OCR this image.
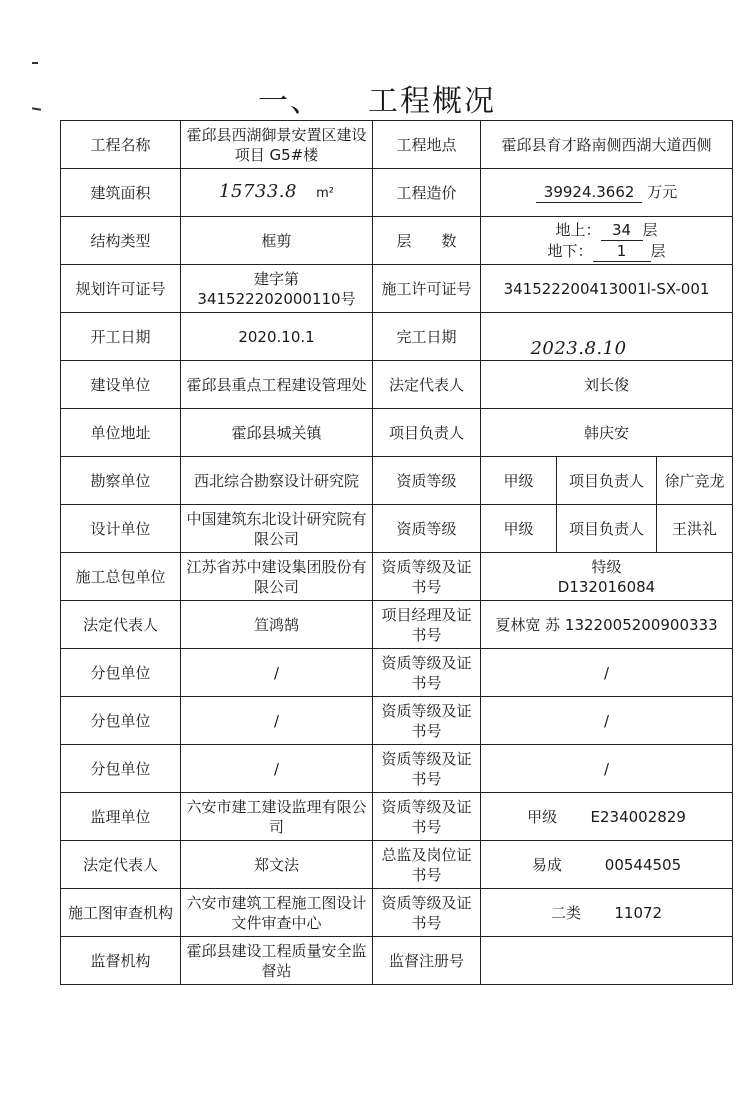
一、 工程概况
工程名称	霍邱县西湖御景安置区建设项目 G5#楼	工程地点	霍邱县育才路南侧西湖大道西侧		
建筑面积	15733.8 m²	工程造价	39924.3662 万元		
结构类型	框剪	层　　数	地上： 34 层
地下： 1 层		

规划许可证号	建字第 341522202000110号	施工许可证号	341522200413001l-SX-001		
开工日期	2020.10.1	完工日期	2023.8.10		
建设单位	霍邱县重点工程建设管理处	法定代表人	刘长俊		
单位地址	霍邱县城关镇	项目负责人	韩庆安		
勘察单位	西北综合勘察设计研究院	资质等级	甲级	项目负责人	徐广竞龙
设计单位	中国建筑东北设计研究院有限公司	资质等级	甲级	项目负责人	王洪礼
施工总包单位	江苏省苏中建设集团股份有限公司	资质等级及证书号	特级
D132016084		

法定代表人	笪鸿鹄	项目经理及证书号	夏林宽 苏 1322005200900333		
分包单位	/	资质等级及证书号	/		
分包单位	/	资质等级及证书号	/		
分包单位	/	资质等级及证书号	/		
监理单位	六安市建工建设监理有限公司	资质等级及证书号	甲级 E234002829		
法定代表人	郑文法	总监及岗位证书号	易成 00544505		
施工图审查机构	六安市建筑工程施工图设计文件审查中心	资质等级及证书号	二类 11072		
监督机构	霍邱县建设工程质量安全监督站	监督注册号			
